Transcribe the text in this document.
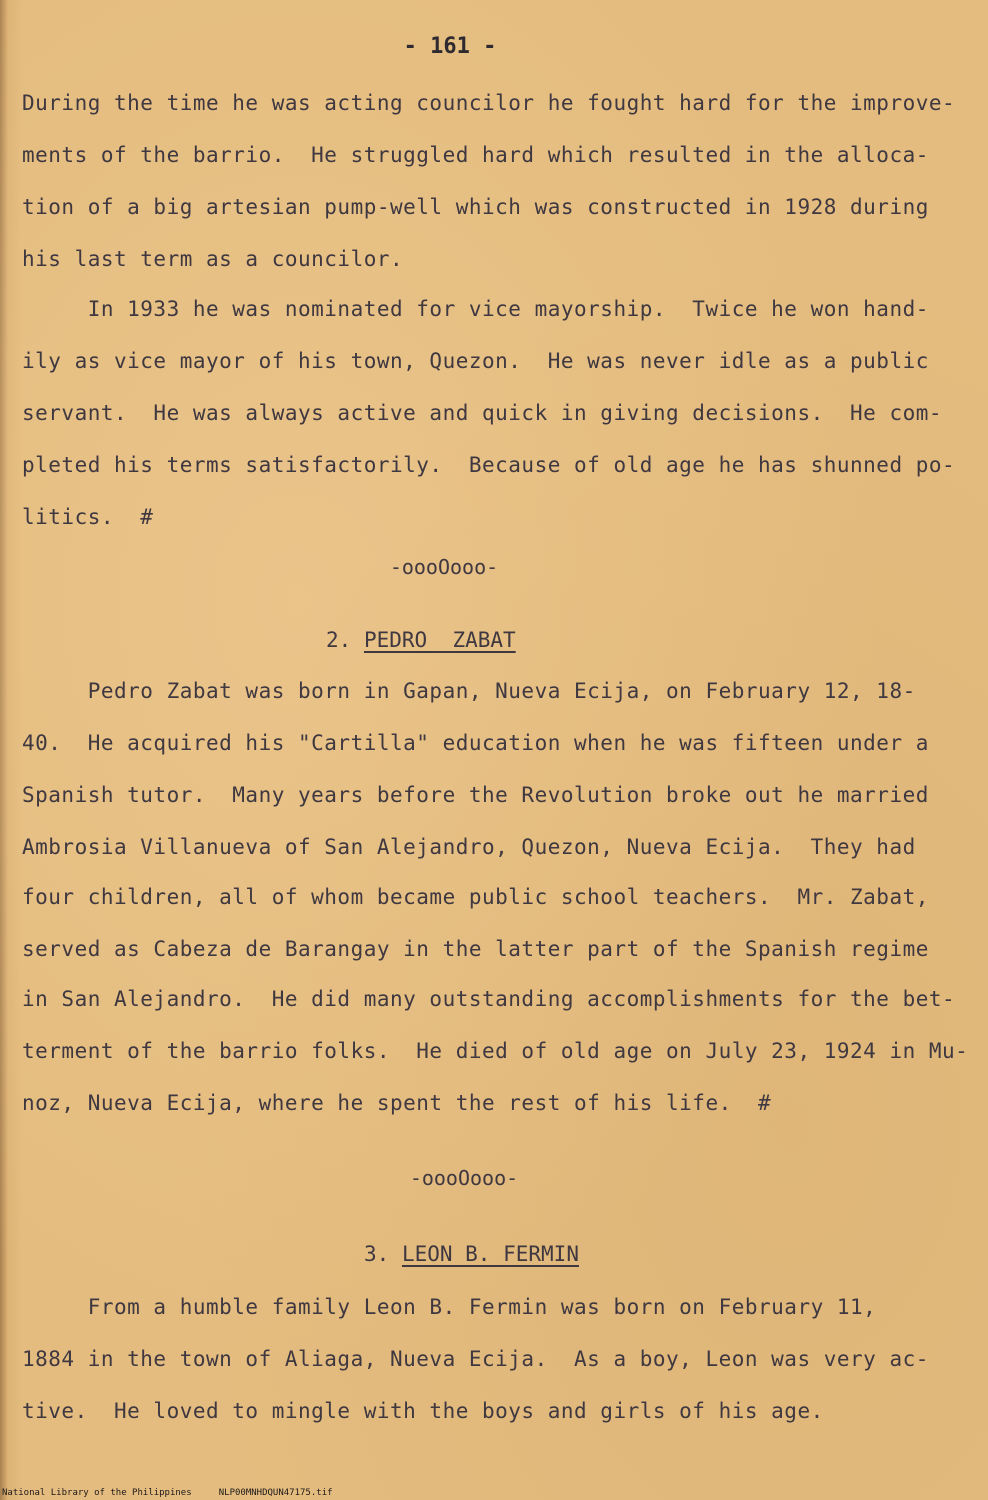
- 161 -
During the time he was acting councilor he fought hard for the improve-
ments of the barrio.  He struggled hard which resulted in the alloca-
tion of a big artesian pump-well which was constructed in 1928 during
his last term as a councilor.
In 1933 he was nominated for vice mayorship.  Twice he won hand-
ily as vice mayor of his town, Quezon.  He was never idle as a public
servant.  He was always active and quick in giving decisions.  He com-
pleted his terms satisfactorily.  Because of old age he has shunned po-
litics.  #
-oooOooo-
2. PEDRO  ZABAT
Pedro Zabat was born in Gapan, Nueva Ecija, on February 12, 18-
40.  He acquired his "Cartilla" education when he was fifteen under a
Spanish tutor.  Many years before the Revolution broke out he married
Ambrosia Villanueva of San Alejandro, Quezon, Nueva Ecija.  They had
four children, all of whom became public school teachers.  Mr. Zabat,
served as Cabeza de Barangay in the latter part of the Spanish regime
in San Alejandro.  He did many outstanding accomplishments for the bet-
terment of the barrio folks.  He died of old age on July 23, 1924 in Mu-
noz, Nueva Ecija, where he spent the rest of his life.  #
-oooOooo-
3. LEON B. FERMIN
From a humble family Leon B. Fermin was born on February 11,
1884 in the town of Aliaga, Nueva Ecija.  As a boy, Leon was very ac-
tive.  He loved to mingle with the boys and girls of his age.
National Library of the Philippines     NLP00MNHDQUN47175.tif
